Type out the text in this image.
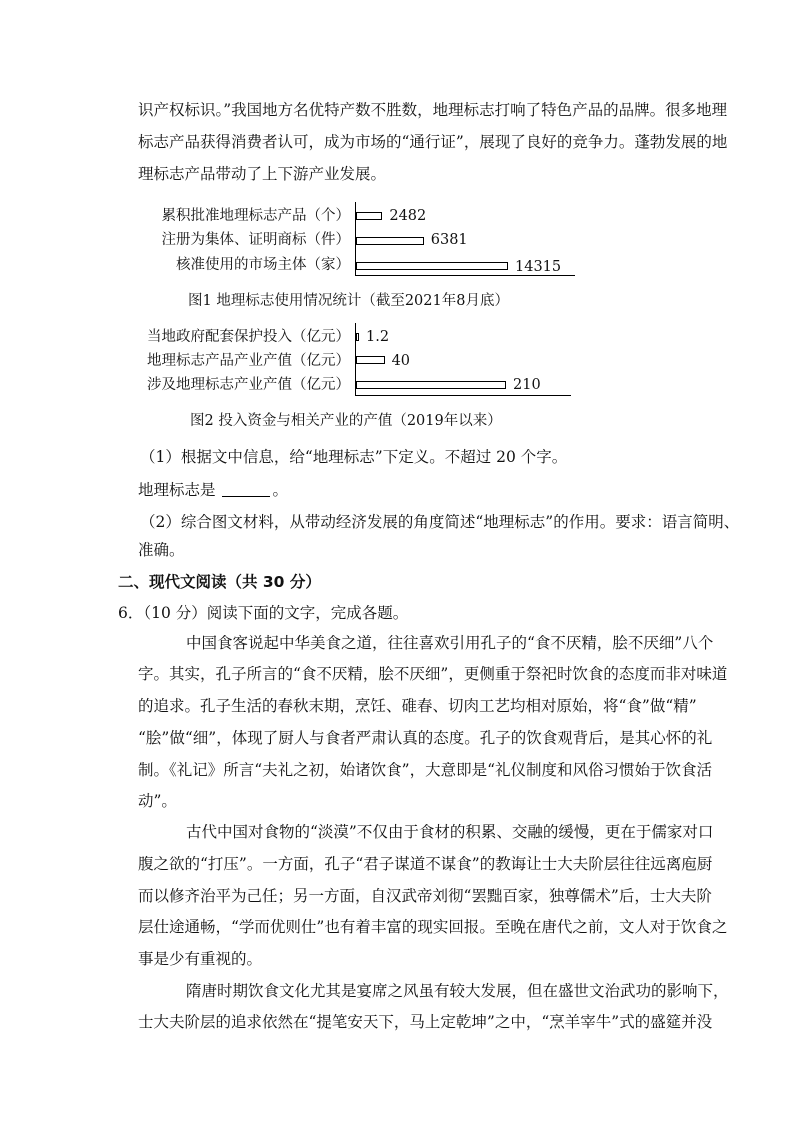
识产权标识。”我国地方名优特产数不胜数，地理标志打响了特色产品的品牌。很多地理
标志产品获得消费者认可，成为市场的“通行证”，展现了良好的竞争力。蓬勃发展的地
理标志产品带动了上下游产业发展。
累积批准地理标志产品（个）
注册为集体、证明商标（件）
核准使用的市场主体（家）
2482
6381
14315
图1 地理标志使用情况统计（截至2021年8月底）
当地政府配套保护投入（亿元）
地理标志产品产业产值（亿元）
涉及地理标志产业产值（亿元）
1.2
40
210
图2 投入资金与相关产业的产值（2019年以来）
（1）根据文中信息，给“地理标志”下定义。不超过 20 个字。
地理标志是	。
（2）综合图文材料，从带动经济发展的角度简述“地理标志”的作用。要求：语言简明、
准确。
二、现代文阅读（共 30 分）
6．（10 分）阅读下面的文字，完成各题。
中国食客说起中华美食之道，往往喜欢引用孔子的“食不厌精，脍不厌细”八个
字。其实，孔子所言的“食不厌精，脍不厌细”，更侧重于祭祀时饮食的态度而非对味道
的追求。孔子生活的春秋末期，烹饪、碓春、切肉工艺均相对原始，将“食”做“精”
“脍”做“细”，体现了厨人与食者严肃认真的态度。孔子的饮食观背后，是其心怀的礼
制。《礼记》所言“夫礼之初，始诸饮食”，大意即是“礼仪制度和风俗习惯始于饮食活
动”。
古代中国对食物的“淡漠”不仅由于食材的积累、交融的缓慢，更在于儒家对口
腹之欲的“打压”。一方面，孔子“君子谋道不谋食”的教诲让士大夫阶层往往远离庖厨
而以修齐治平为己任；另一方面，自汉武帝刘彻“罢黜百家，独尊儒术”后，士大夫阶
层仕途通畅，“学而优则仕”也有着丰富的现实回报。至晚在唐代之前，文人对于饮食之
事是少有重视的。
隋唐时期饮食文化尤其是宴席之风虽有较大发展，但在盛世文治武功的影响下，
士大夫阶层的追求依然在“提笔安天下，马上定乾坤”之中，“烹羊宰牛”式的盛筵并没
